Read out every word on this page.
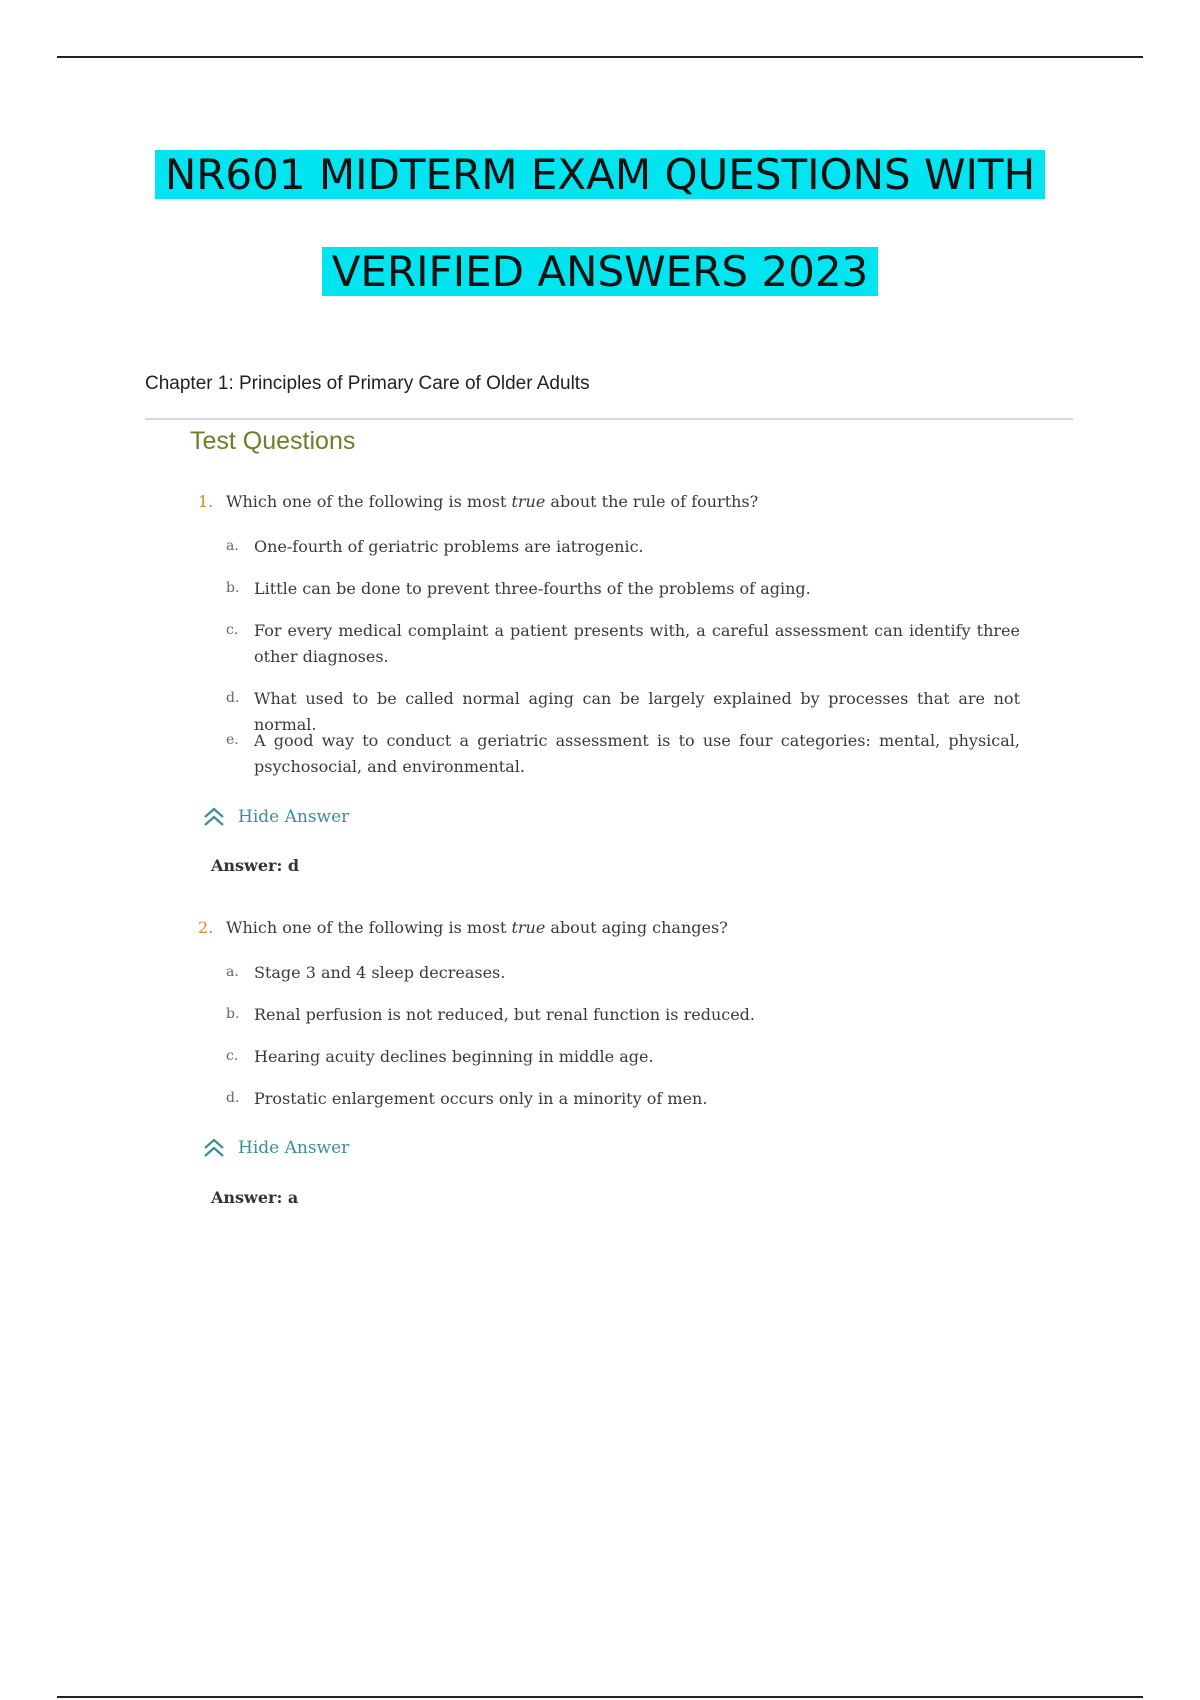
NR601 MIDTERM EXAM QUESTIONS WITH
VERIFIED ANSWERS 2023
Chapter 1: Principles of Primary Care of Older Adults
Test Questions
1. Which one of the following is most true about the rule of fourths?
a. One-fourth of geriatric problems are iatrogenic.
b. Little can be done to prevent three-fourths of the problems of aging.
c. For every medical complaint a patient presents with, a careful assessment can identify three other diagnoses.
d. What used to be called normal aging can be largely explained by processes that are not normal.
e. A good way to conduct a geriatric assessment is to use four categories: mental, physical, psychosocial, and environmental.
Hide Answer
Answer: d
2. Which one of the following is most true about aging changes?
a. Stage 3 and 4 sleep decreases.
b. Renal perfusion is not reduced, but renal function is reduced.
c. Hearing acuity declines beginning in middle age.
d. Prostatic enlargement occurs only in a minority of men.
Hide Answer
Answer: a
